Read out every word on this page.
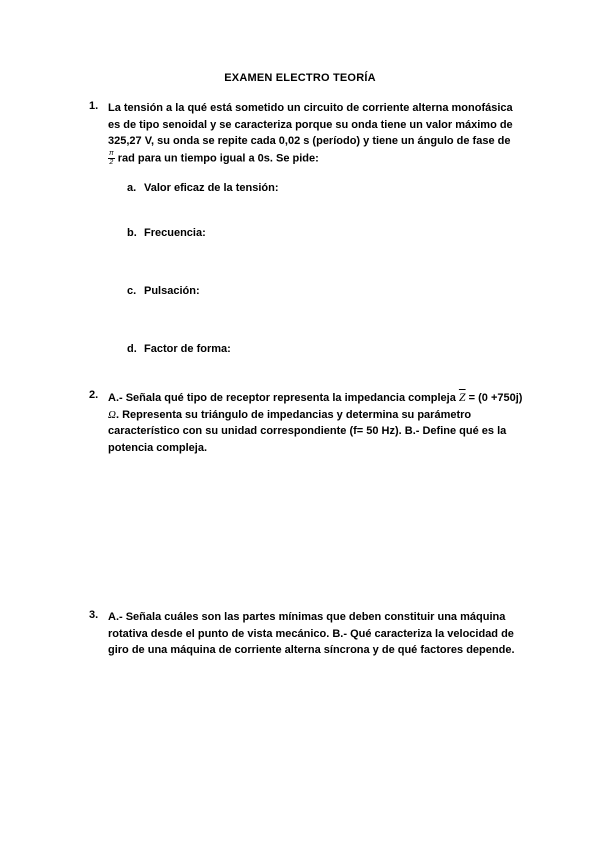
EXAMEN ELECTRO TEORÍA
1. La tensión a la qué está sometido un circuito de corriente alterna monofásica
es de tipo senoidal y se caracteriza porque su onda tiene un valor máximo de
325,27 V, su onda se repite cada 0,02 s (período) y tiene un ángulo de fase de
$\frac{\pi}{2}$ rad para un tiempo igual a 0s. Se pide:
a. Valor eficaz de la tensión:
b. Frecuencia:
c. Pulsación:
d. Factor de forma:
2. A.- Señala qué tipo de receptor representa la impedancia compleja $\overline{Z} = (0 +750j)$
Ω. Representa su triángulo de impedancias y determina su parámetro
característico con su unidad correspondiente (f= 50 Hz). B.- Define qué es la
potencia compleja.
3. A.- Señala cuáles son las partes mínimas que deben constituir una máquina
rotativa desde el punto de vista mecánico. B.- Qué caracteriza la velocidad de
giro de una máquina de corriente alterna síncrona y de qué factores depende.
